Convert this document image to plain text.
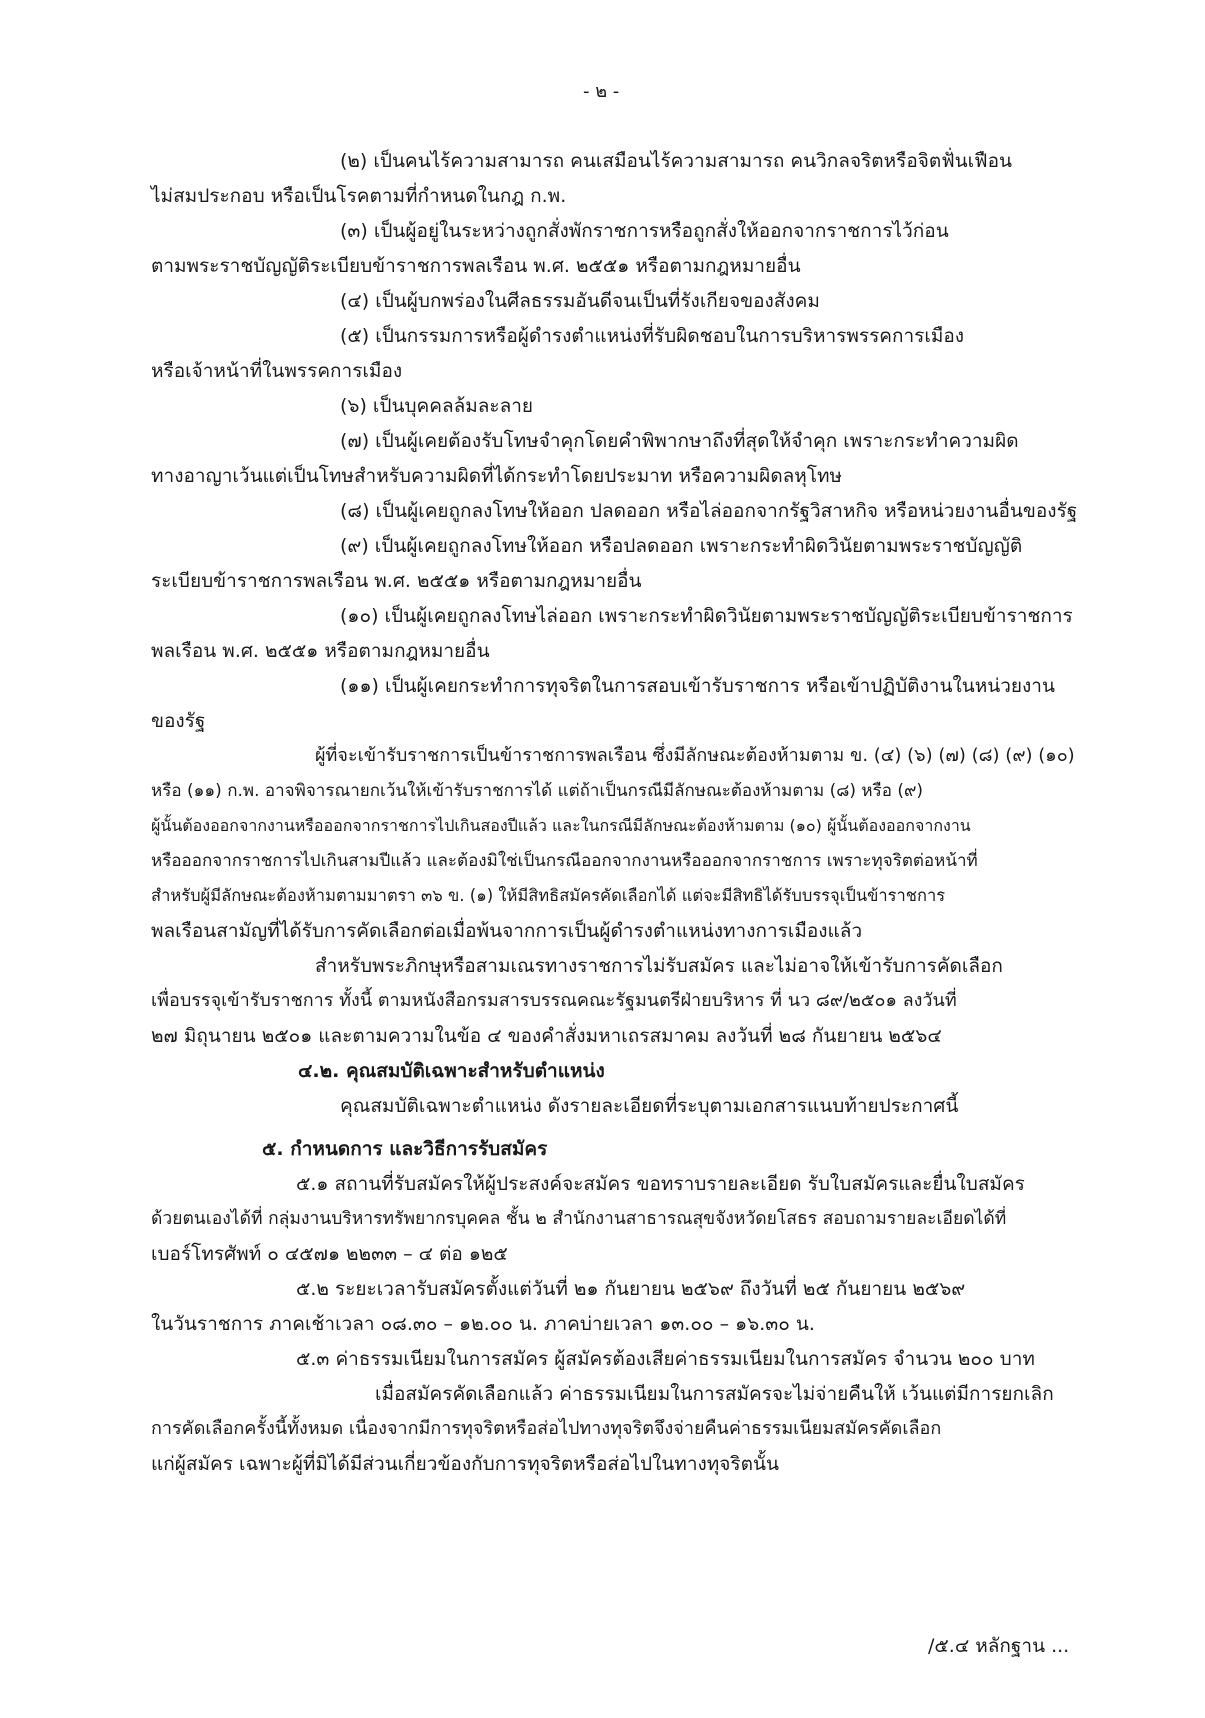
- ๒ -
(๒) เป็นคนไร้ความสามารถ คนเสมือนไร้ความสามารถ คนวิกลจริตหรือจิตฟั่นเฟือน
ไม่สมประกอบ หรือเป็นโรคตามที่กำหนดในกฎ ก.พ.
(๓) เป็นผู้อยู่ในระหว่างถูกสั่งพักราชการหรือถูกสั่งให้ออกจากราชการไว้ก่อน
ตามพระราชบัญญัติระเบียบข้าราชการพลเรือน พ.ศ. ๒๕๕๑ หรือตามกฎหมายอื่น
(๔) เป็นผู้บกพร่องในศีลธรรมอันดีจนเป็นที่รังเกียจของสังคม
(๕) เป็นกรรมการหรือผู้ดำรงตำแหน่งที่รับผิดชอบในการบริหารพรรคการเมือง
หรือเจ้าหน้าที่ในพรรคการเมือง
(๖) เป็นบุคคลล้มละลาย
(๗) เป็นผู้เคยต้องรับโทษจำคุกโดยคำพิพากษาถึงที่สุดให้จำคุก เพราะกระทำความผิด
ทางอาญาเว้นแต่เป็นโทษสำหรับความผิดที่ได้กระทำโดยประมาท หรือความผิดลหุโทษ
(๘) เป็นผู้เคยถูกลงโทษให้ออก ปลดออก หรือไล่ออกจากรัฐวิสาหกิจ หรือหน่วยงานอื่นของรัฐ
(๙) เป็นผู้เคยถูกลงโทษให้ออก หรือปลดออก เพราะกระทำผิดวินัยตามพระราชบัญญัติ
ระเบียบข้าราชการพลเรือน พ.ศ. ๒๕๕๑ หรือตามกฎหมายอื่น
(๑๐) เป็นผู้เคยถูกลงโทษไล่ออก เพราะกระทำผิดวินัยตามพระราชบัญญัติระเบียบข้าราชการ
พลเรือน พ.ศ. ๒๕๕๑ หรือตามกฎหมายอื่น
(๑๑) เป็นผู้เคยกระทำการทุจริตในการสอบเข้ารับราชการ หรือเข้าปฏิบัติงานในหน่วยงาน
ของรัฐ
ผู้ที่จะเข้ารับราชการเป็นข้าราชการพลเรือน ซึ่งมีลักษณะต้องห้ามตาม ข. (๔) (๖) (๗) (๘) (๙) (๑๐)
หรือ (๑๑) ก.พ. อาจพิจารณายกเว้นให้เข้ารับราชการได้ แต่ถ้าเป็นกรณีมีลักษณะต้องห้ามตาม (๘) หรือ (๙)
ผู้นั้นต้องออกจากงานหรือออกจากราชการไปเกินสองปีแล้ว และในกรณีมีลักษณะต้องห้ามตาม (๑๐) ผู้นั้นต้องออกจากงาน
หรือออกจากราชการไปเกินสามปีแล้ว และต้องมิใช่เป็นกรณีออกจากงานหรือออกจากราชการ เพราะทุจริตต่อหน้าที่
สำหรับผู้มีลักษณะต้องห้ามตามมาตรา ๓๖ ข. (๑) ให้มีสิทธิสมัครคัดเลือกได้ แต่จะมีสิทธิได้รับบรรจุเป็นข้าราชการ
พลเรือนสามัญที่ได้รับการคัดเลือกต่อเมื่อพ้นจากการเป็นผู้ดำรงตำแหน่งทางการเมืองแล้ว
สำหรับพระภิกษุหรือสามเณรทางราชการไม่รับสมัคร และไม่อาจให้เข้ารับการคัดเลือก
เพื่อบรรจุเข้ารับราชการ ทั้งนี้ ตามหนังสือกรมสารบรรณคณะรัฐมนตรีฝ่ายบริหาร ที่ นว ๘๙/๒๕๐๑ ลงวันที่
๒๗ มิถุนายน ๒๕๐๑ และตามความในข้อ ๔ ของคำสั่งมหาเถรสมาคม ลงวันที่ ๒๘ กันยายน ๒๕๖๔
๔.๒. คุณสมบัติเฉพาะสำหรับตำแหน่ง
คุณสมบัติเฉพาะตำแหน่ง ดังรายละเอียดที่ระบุตามเอกสารแนบท้ายประกาศนี้
๕. กำหนดการ และวิธีการรับสมัคร
๕.๑ สถานที่รับสมัครให้ผู้ประสงค์จะสมัคร ขอทราบรายละเอียด รับใบสมัครและยื่นใบสมัคร
ด้วยตนเองได้ที่ กลุ่มงานบริหารทรัพยากรบุคคล ชั้น ๒ สำนักงานสาธารณสุขจังหวัดยโสธร สอบถามรายละเอียดได้ที่
เบอร์โทรศัพท์ ๐ ๔๕๗๑ ๒๒๓๓ – ๔ ต่อ ๑๒๕
๕.๒ ระยะเวลารับสมัครตั้งแต่วันที่ ๒๑ กันยายน ๒๕๖๙ ถึงวันที่ ๒๕ กันยายน ๒๕๖๙
ในวันราชการ ภาคเช้าเวลา ๐๘.๓๐ – ๑๒.๐๐ น. ภาคบ่ายเวลา ๑๓.๐๐ – ๑๖.๓๐ น.
๕.๓ ค่าธรรมเนียมในการสมัคร ผู้สมัครต้องเสียค่าธรรมเนียมในการสมัคร จำนวน ๒๐๐ บาท
เมื่อสมัครคัดเลือกแล้ว ค่าธรรมเนียมในการสมัครจะไม่จ่ายคืนให้ เว้นแต่มีการยกเลิก
การคัดเลือกครั้งนี้ทั้งหมด เนื่องจากมีการทุจริตหรือส่อไปทางทุจริตจึงจ่ายคืนค่าธรรมเนียมสมัครคัดเลือก
แก่ผู้สมัคร เฉพาะผู้ที่มิได้มีส่วนเกี่ยวข้องกับการทุจริตหรือส่อไปในทางทุจริตนั้น
/๕.๔ หลักฐาน ...
